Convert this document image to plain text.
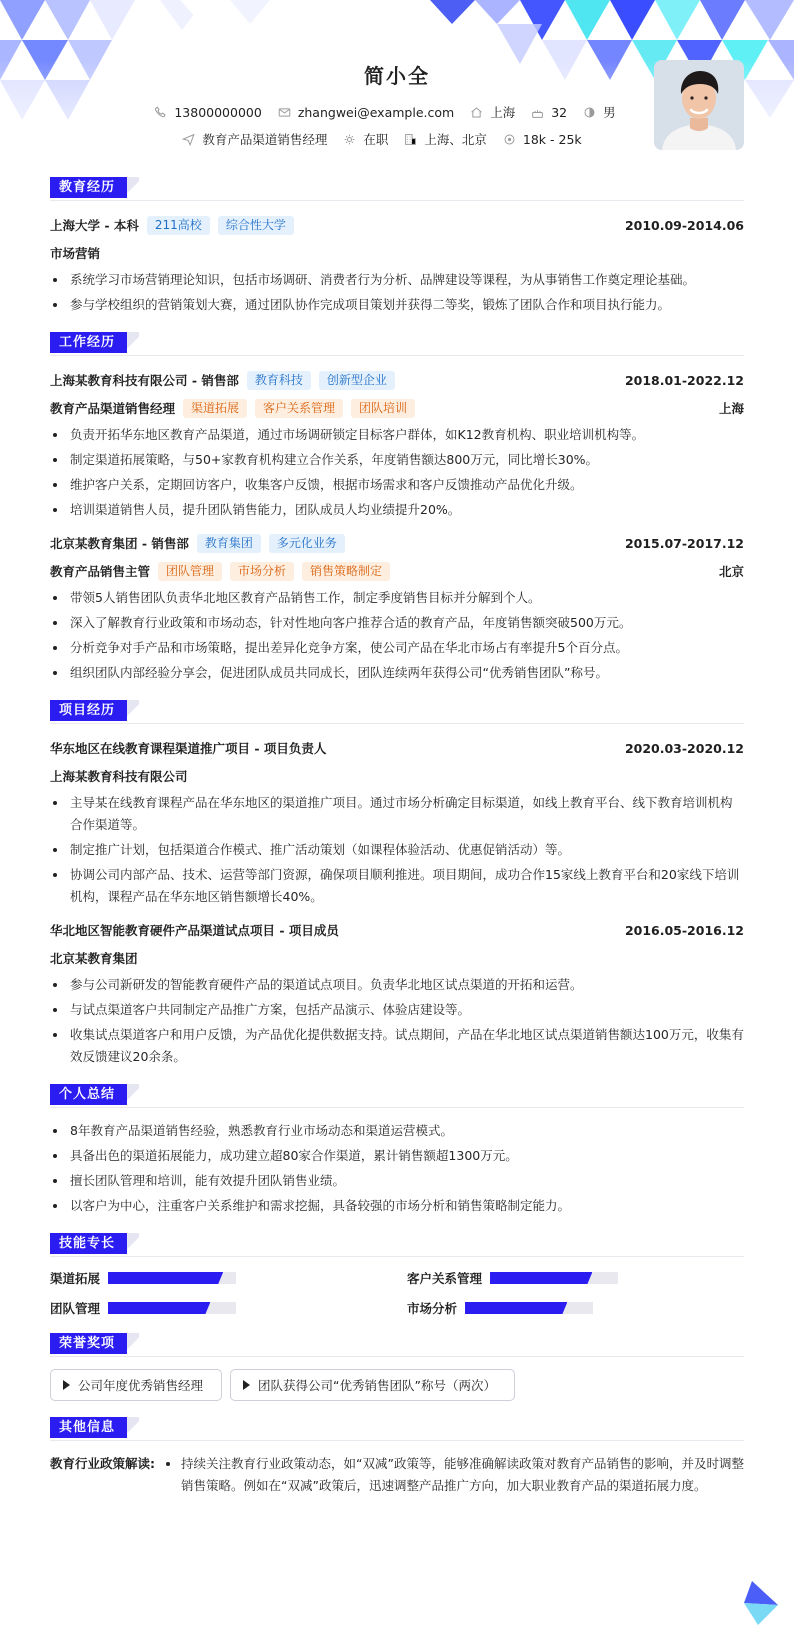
简小全
13800000000	zhangwei@example.com	上海	32	男
教育产品渠道销售经理	在职	上海、北京	18k - 25k
教育经历
上海大学 - 本科	211高校	综合性大学	2010.09-2014.06
市场营销
系统学习市场营销理论知识，包括市场调研、消费者行为分析、品牌建设等课程，为从事销售工作奠定理论基础。
参与学校组织的营销策划大赛，通过团队协作完成项目策划并获得二等奖，锻炼了团队合作和项目执行能力。
工作经历
上海某教育科技有限公司 - 销售部	教育科技	创新型企业	2018.01-2022.12
教育产品渠道销售经理	渠道拓展	客户关系管理	团队培训	上海
负责开拓华东地区教育产品渠道，通过市场调研锁定目标客户群体，如K12教育机构、职业培训机构等。
制定渠道拓展策略，与50+家教育机构建立合作关系，年度销售额达800万元，同比增长30%。
维护客户关系，定期回访客户，收集客户反馈，根据市场需求和客户反馈推动产品优化升级。
培训渠道销售人员，提升团队销售能力，团队成员人均业绩提升20%。
北京某教育集团 - 销售部	教育集团	多元化业务	2015.07-2017.12
教育产品销售主管	团队管理	市场分析	销售策略制定	北京
带领5人销售团队负责华北地区教育产品销售工作，制定季度销售目标并分解到个人。
深入了解教育行业政策和市场动态，针对性地向客户推荐合适的教育产品，年度销售额突破500万元。
分析竞争对手产品和市场策略，提出差异化竞争方案，使公司产品在华北市场占有率提升5个百分点。
组织团队内部经验分享会，促进团队成员共同成长，团队连续两年获得公司“优秀销售团队”称号。
项目经历
华东地区在线教育课程渠道推广项目 - 项目负责人	2020.03-2020.12
上海某教育科技有限公司
主导某在线教育课程产品在华东地区的渠道推广项目。通过市场分析确定目标渠道，如线上教育平台、线下教育培训机构合作渠道等。
制定推广计划，包括渠道合作模式、推广活动策划（如课程体验活动、优惠促销活动）等。
协调公司内部产品、技术、运营等部门资源，确保项目顺利推进。项目期间，成功合作15家线上教育平台和20家线下培训机构，课程产品在华东地区销售额增长40%。
华北地区智能教育硬件产品渠道试点项目 - 项目成员	2016.05-2016.12
北京某教育集团
参与公司新研发的智能教育硬件产品的渠道试点项目。负责华北地区试点渠道的开拓和运营。
与试点渠道客户共同制定产品推广方案，包括产品演示、体验店建设等。
收集试点渠道客户和用户反馈，为产品优化提供数据支持。试点期间，产品在华北地区试点渠道销售额达100万元，收集有效反馈建议20余条。
个人总结
8年教育产品渠道销售经验，熟悉教育行业市场动态和渠道运营模式。
具备出色的渠道拓展能力，成功建立超80家合作渠道，累计销售额超1300万元。
擅长团队管理和培训，能有效提升团队销售业绩。
以客户为中心，注重客户关系维护和需求挖掘，具备较强的市场分析和销售策略制定能力。
技能专长
渠道拓展	客户关系管理
团队管理	市场分析
荣誉奖项
公司年度优秀销售经理	团队获得公司“优秀销售团队”称号（两次）
其他信息
教育行业政策解读:	持续关注教育行业政策动态，如“双减”政策等，能够准确解读政策对教育产品销售的影响，并及时调整销售策略。例如在“双减”政策后，迅速调整产品推广方向，加大职业教育产品的渠道拓展力度。
